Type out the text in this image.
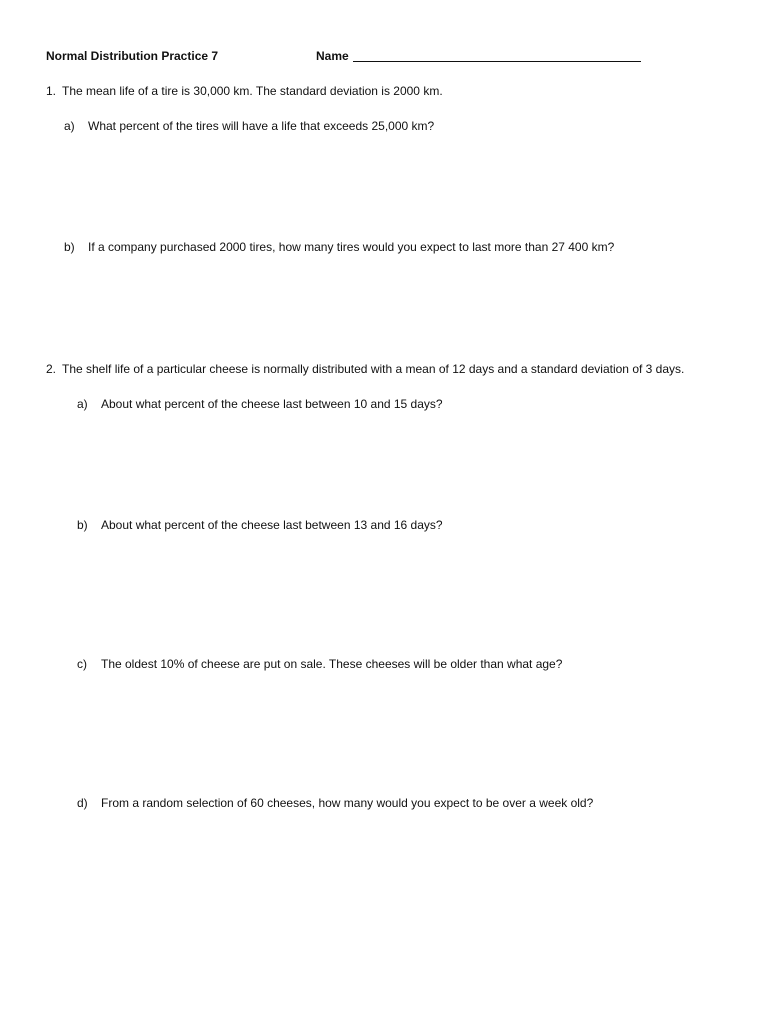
Normal Distribution Practice 7	Name
1. The mean life of a tire is 30,000 km. The standard deviation is 2000 km.
a) What percent of the tires will have a life that exceeds 25,000 km?
b) If a company purchased 2000 tires, how many tires would you expect to last more than 27 400 km?
2. The shelf life of a particular cheese is normally distributed with a mean of 12 days and a standard deviation of 3 days.
a) About what percent of the cheese last between 10 and 15 days?
b) About what percent of the cheese last between 13 and 16 days?
c) The oldest 10% of cheese are put on sale. These cheeses will be older than what age?
d) From a random selection of 60 cheeses, how many would you expect to be over a week old?
